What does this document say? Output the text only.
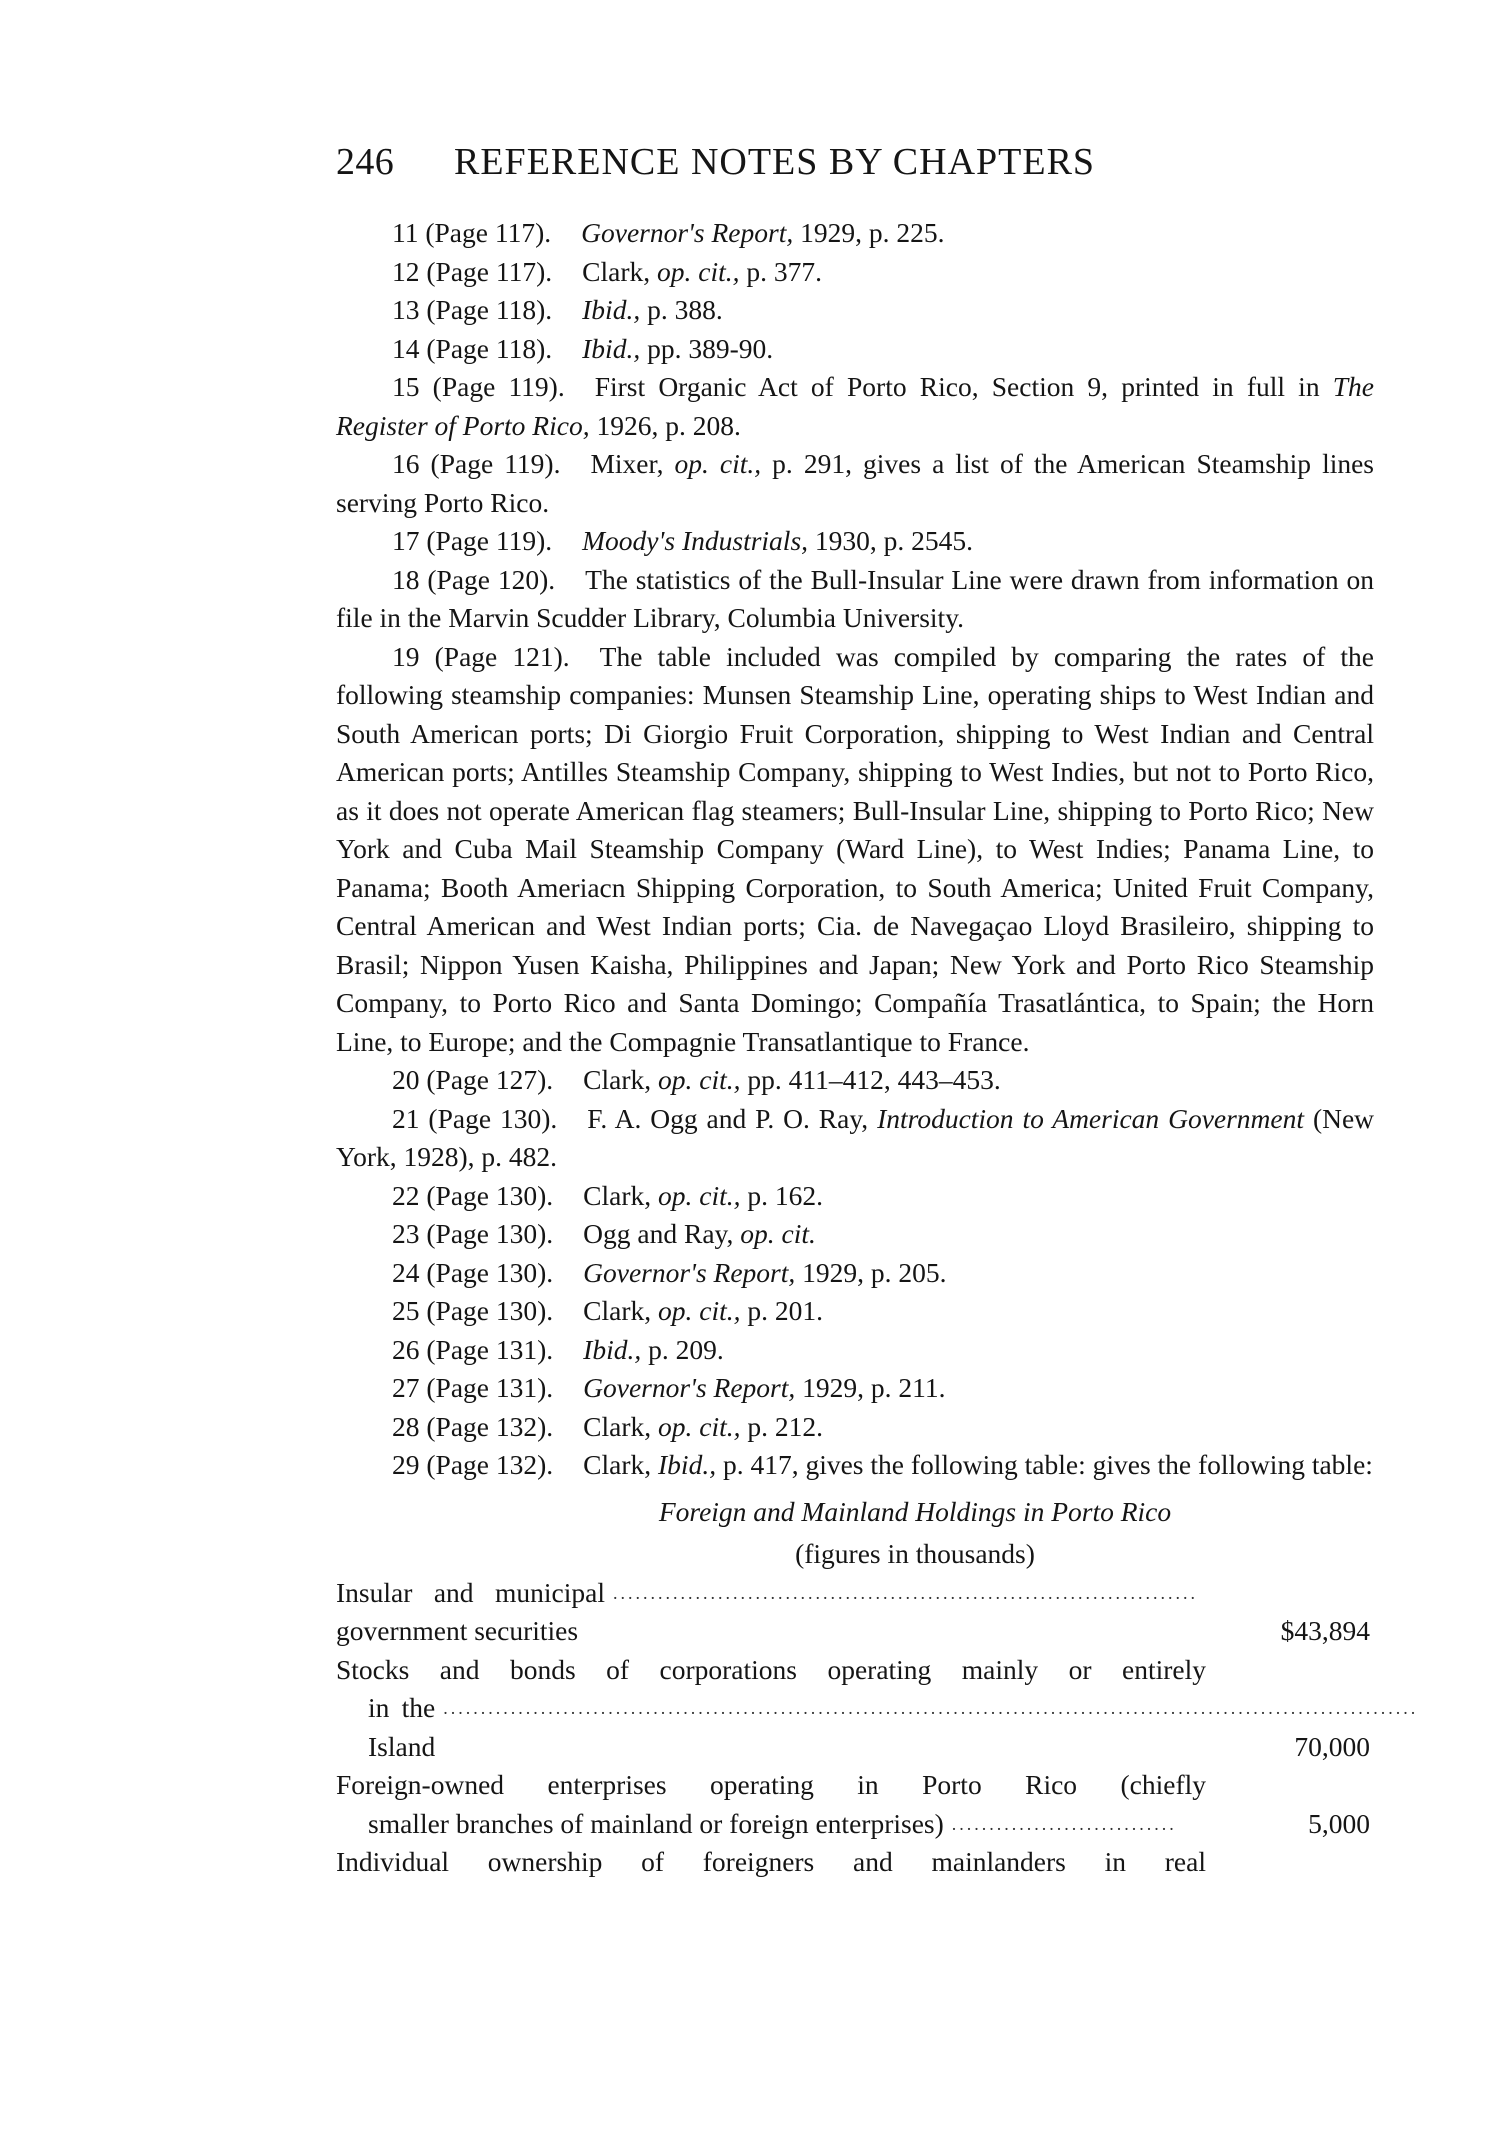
246	REFERENCE NOTES BY CHAPTERS

11 (Page 117). Governor's Report, 1929, p. 225.

12 (Page 117). Clark, op. cit., p. 377.

13 (Page 118). Ibid., p. 388.

14 (Page 118). Ibid., pp. 389-90.

15 (Page 119). First Organic Act of Porto Rico, Section 9, printed in full in The Register of Porto Rico, 1926, p. 208.

16 (Page 119). Mixer, op. cit., p. 291, gives a list of the American Steamship lines serving Porto Rico.

17 (Page 119). Moody's Industrials, 1930, p. 2545.

18 (Page 120). The statistics of the Bull-Insular Line were drawn from information on file in the Marvin Scudder Library, Columbia University.

19 (Page 121). The table included was compiled by comparing the rates of the following steamship companies: Munsen Steamship Line, operating ships to West Indian and South American ports; Di Giorgio Fruit Corporation, shipping to West Indian and Central American ports; Antilles Steamship Company, shipping to West Indies, but not to Porto Rico, as it does not operate American flag steamers; Bull-Insular Line, shipping to Porto Rico; New York and Cuba Mail Steamship Company (Ward Line), to West Indies; Panama Line, to Panama; Booth Ameriacn Shipping Corporation, to South America; United Fruit Company, Central American and West Indian ports; Cia. de Navegaçao Lloyd Brasileiro, shipping to Brasil; Nippon Yusen Kaisha, Philippines and Japan; New York and Porto Rico Steamship Company, to Porto Rico and Santa Domingo; Compañía Trasatlántica, to Spain; the Horn Line, to Europe; and the Compagnie Transatlantique to France.

20 (Page 127). Clark, op. cit., pp. 411–412, 443–453.

21 (Page 130). F. A. Ogg and P. O. Ray, Introduction to American Government (New York, 1928), p. 482.

22 (Page 130). Clark, op. cit., p. 162.

23 (Page 130). Ogg and Ray, op. cit.

24 (Page 130). Governor's Report, 1929, p. 205.

25 (Page 130). Clark, op. cit., p. 201.

26 (Page 131). Ibid., p. 209.

27 (Page 131). Governor's Report, 1929, p. 211.

28 (Page 132). Clark, op. cit., p. 212.

29 (Page 132). Clark, Ibid., p. 417, gives the following table: gives the following table:

Foreign and Mainland Holdings in Porto Rico
(figures in thousands)
Insular and municipal government securities
..............................................................................
$43,894
Stocks and bonds of corporations operating mainly or entirely
in the Island
..................................................................................................................................
70,000
Foreign-owned enterprises operating in Porto Rico (chiefly
smaller branches of mainland or foreign enterprises) ..............................	5,000
Individual ownership of foreigners and mainlanders in real
